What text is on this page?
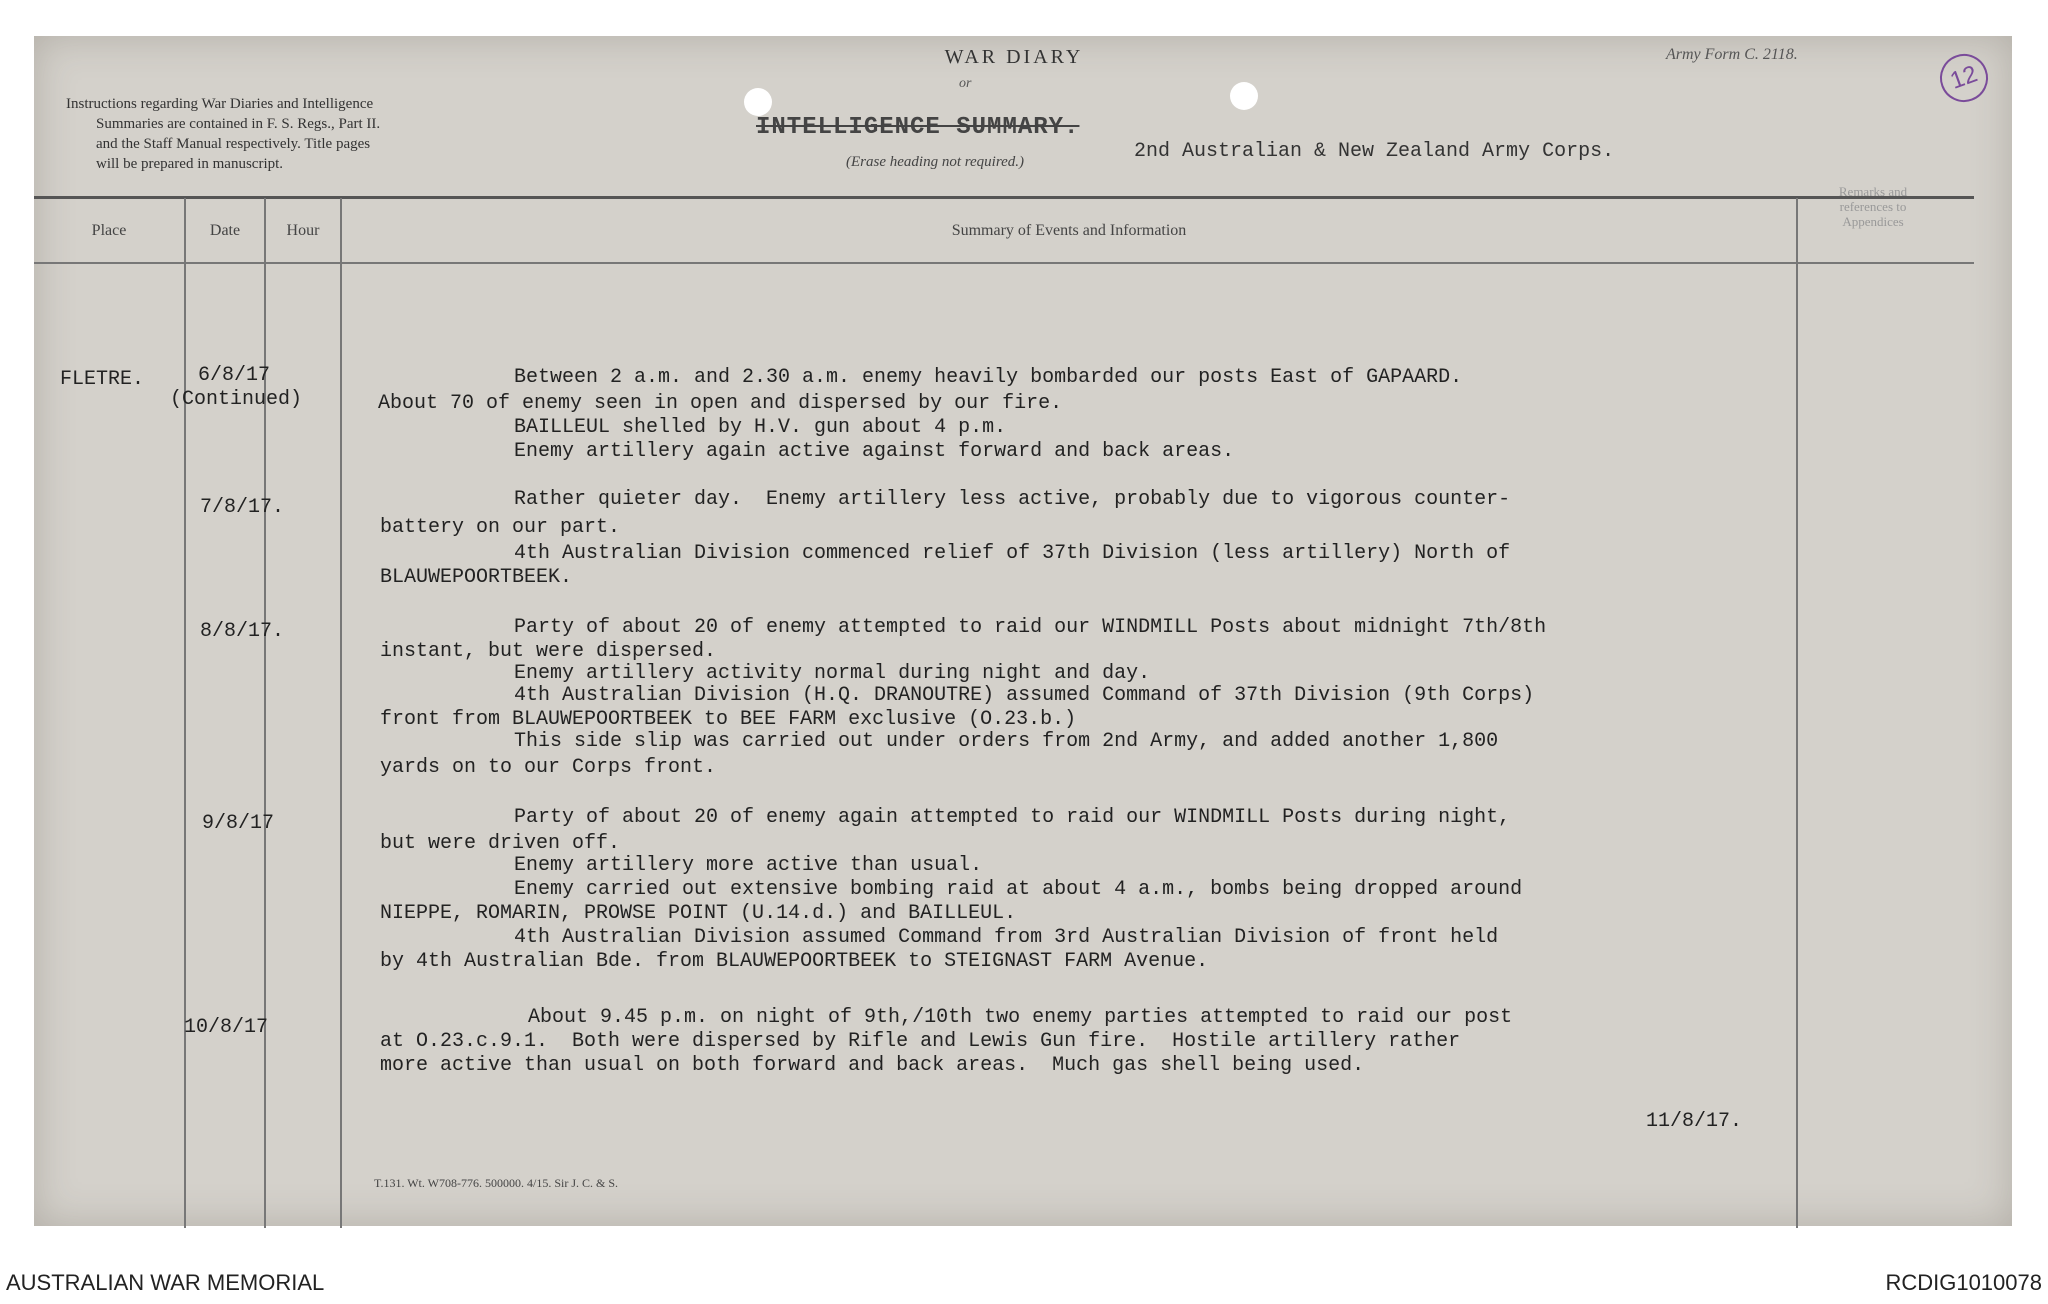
Instructions regarding War Diaries and Intelligence
Summaries are contained in F. S. Regs., Part II.
and the Staff Manual respectively. Title pages
will be prepared in manuscript.
WAR DIARY
or
INTELLIGENCE SUMMARY.
(Erase heading not required.)	2nd Australian & New Zealand Army Corps.
Army Form C. 2118.
12
Place	Date	Hour	Summary of Events and Information
Remarks and references to Appendices
FLETRE.	6/8/17
(Continued)
Between 2 a.m. and 2.30 a.m. enemy heavily bombarded our posts East of GAPAARD.
About 70 of enemy seen in open and dispersed by our fire.
BAILLEUL shelled by H.V. gun about 4 p.m.
Enemy artillery again active against forward and back areas.
7/8/17.	Rather quieter day.  Enemy artillery less active, probably due to vigorous counter-
battery on our part.
4th Australian Division commenced relief of 37th Division (less artillery) North of
BLAUWEPOORTBEEK.
8/8/17.	Party of about 20 of enemy attempted to raid our WINDMILL Posts about midnight 7th/8th
instant, but were dispersed.
Enemy artillery activity normal during night and day.
4th Australian Division (H.Q. DRANOUTRE) assumed Command of 37th Division (9th Corps)
front from BLAUWEPOORTBEEK to BEE FARM exclusive (O.23.b.)
This side slip was carried out under orders from 2nd Army, and added another 1,800
yards on to our Corps front.
9/8/17	Party of about 20 of enemy again attempted to raid our WINDMILL Posts during night,
but were driven off.
Enemy artillery more active than usual.
Enemy carried out extensive bombing raid at about 4 a.m., bombs being dropped around
NIEPPE, ROMARIN, PROWSE POINT (U.14.d.) and BAILLEUL.
4th Australian Division assumed Command from 3rd Australian Division of front held
by 4th Australian Bde. from BLAUWEPOORTBEEK to STEIGNAST FARM Avenue.
10/8/17	About 9.45 p.m. on night of 9th,/10th two enemy parties attempted to raid our post
at O.23.c.9.1.  Both were dispersed by Rifle and Lewis Gun fire.  Hostile artillery rather
more active than usual on both forward and back areas.  Much gas shell being used.
11/8/17.
T.131. Wt. W708-776. 500000. 4/15. Sir J. C. & S.
AUSTRALIAN WAR MEMORIAL	RCDIG1010078
